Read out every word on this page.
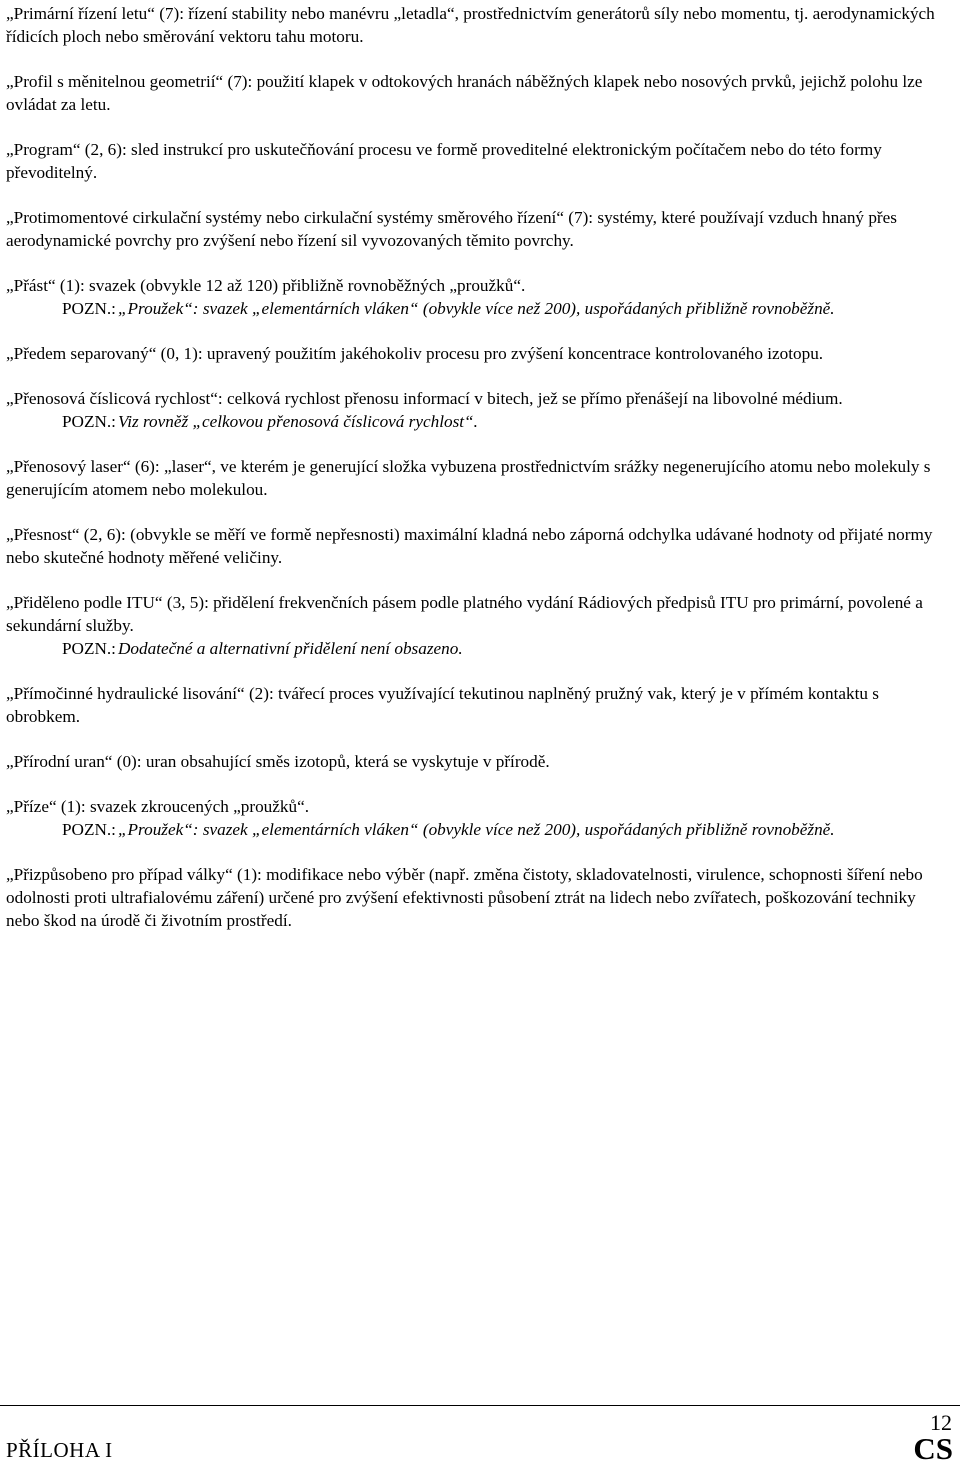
„Primární řízení letu“ (7): řízení stability nebo manévru „letadla“, prostřednictvím generátorů síly nebo momentu, tj. aerodynamických řídicích ploch nebo směrování vektoru tahu motoru.

„Profil s měnitelnou geometrií“ (7): použití klapek v odtokových hranách náběžných klapek nebo nosových prvků, jejichž polohu lze ovládat za letu.

„Program“ (2, 6): sled instrukcí pro uskutečňování procesu ve formě proveditelné elektronickým počítačem nebo do této formy převoditelný.

„Protimomentové cirkulační systémy nebo cirkulační systémy směrového řízení“ (7): systémy, které používají vzduch hnaný přes aerodynamické povrchy pro zvýšení nebo řízení sil vyvozovaných těmito povrchy.

„Přást“ (1): svazek (obvykle 12 až 120) přibližně rovnoběžných „proužků“.

POZN.: „Proužek“: svazek „elementárních vláken“ (obvykle více než 200), uspořádaných přibližně rovnoběžně.

„Předem separovaný“ (0, 1): upravený použitím jakéhokoliv procesu pro zvýšení koncentrace kontrolovaného izotopu.

„Přenosová číslicová rychlost“: celková rychlost přenosu informací v bitech, jež se přímo přenášejí na libovolné médium.

POZN.: Viz rovněž „celkovou přenosová číslicová rychlost“.

„Přenosový laser“ (6): „laser“, ve kterém je generující složka vybuzena prostřednictvím srážky negenerujícího atomu nebo molekuly s generujícím atomem nebo molekulou.

„Přesnost“ (2, 6): (obvykle se měří ve formě nepřesnosti) maximální kladná nebo záporná odchylka udávané hodnoty od přijaté normy nebo skutečné hodnoty měřené veličiny.

„Přiděleno podle ITU“ (3, 5): přidělení frekvenčních pásem podle platného vydání Rádiových předpisů ITU pro primární, povolené a sekundární služby.

POZN.: Dodatečné a alternativní přidělení není obsazeno.

„Přímočinné hydraulické lisování“ (2): tvářecí proces využívající tekutinou naplněný pružný vak, který je v přímém kontaktu s obrobkem.

„Přírodní uran“ (0): uran obsahující směs izotopů, která se vyskytuje v přírodě.

„Příze“ (1): svazek zkroucených „proužků“.

POZN.: „Proužek“: svazek „elementárních vláken“ (obvykle více než 200), uspořádaných přibližně rovnoběžně.

„Přizpůsobeno pro případ války“ (1): modifikace nebo výběr (např. změna čistoty, skladovatelnosti, virulence, schopnosti šíření nebo odolnosti proti ultrafialovému záření) určené pro zvýšení efektivnosti působení ztrát na lidech nebo zvířatech, poškozování techniky nebo škod na úrodě či životním prostředí.

PŘÍLOHA I
12
CS
